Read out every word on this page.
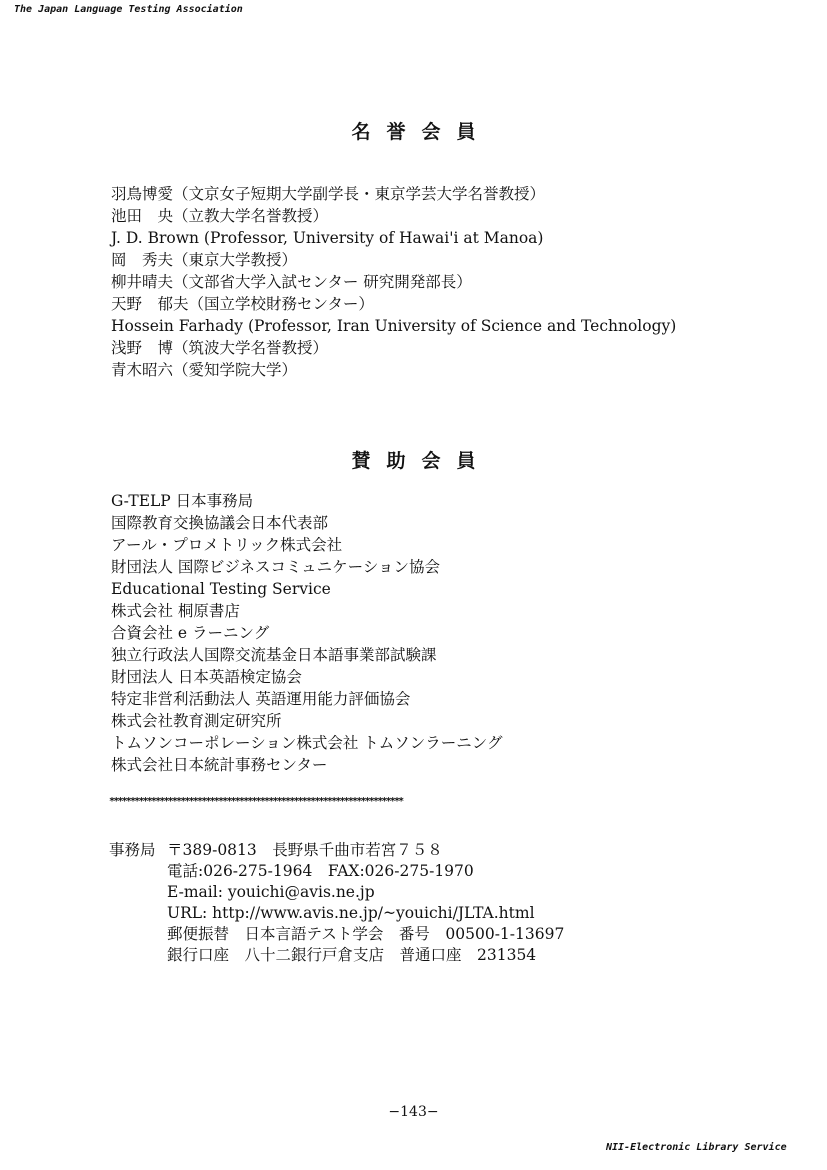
The Japan Language Testing Association
名誉会員
羽鳥博愛（文京女子短期大学副学長・東京学芸大学名誉教授）
池田　央（立教大学名誉教授）
J. D. Brown (Professor, University of Hawai'i at Manoa)
岡　秀夫（東京大学教授）
柳井晴夫（文部省大学入試センター 研究開発部長）
天野　郁夫（国立学校財務センター）
Hossein Farhady (Professor, Iran University of Science and Technology)
浅野　博（筑波大学名誉教授）
青木昭六（愛知学院大学）
賛助会員
G-TELP 日本事務局
国際教育交換協議会日本代表部
アール・プロメトリック株式会社
財団法人 国際ビジネスコミュニケーション協会
Educational Testing Service
株式会社 桐原書店
合資会社 e ラーニング
独立行政法人国際交流基金日本語事業部試験課
財団法人 日本英語検定協会
特定非営利活動法人 英語運用能力評価協会
株式会社教育測定研究所
トムソンコーポレーション株式会社 トムソンラーニング
株式会社日本統計事務センター
**********************************************************************
事務局 〒389-0813　長野県千曲市若宮７５８
電話:026-275-1964　FAX:026-275-1970
E-mail: youichi@avis.ne.jp
URL: http://www.avis.ne.jp/~youichi/JLTA.html
郵便振替　日本言語テスト学会　番号　00500-1-13697
銀行口座　八十二銀行戸倉支店　普通口座　231354
−143−
NII-Electronic Library Service
